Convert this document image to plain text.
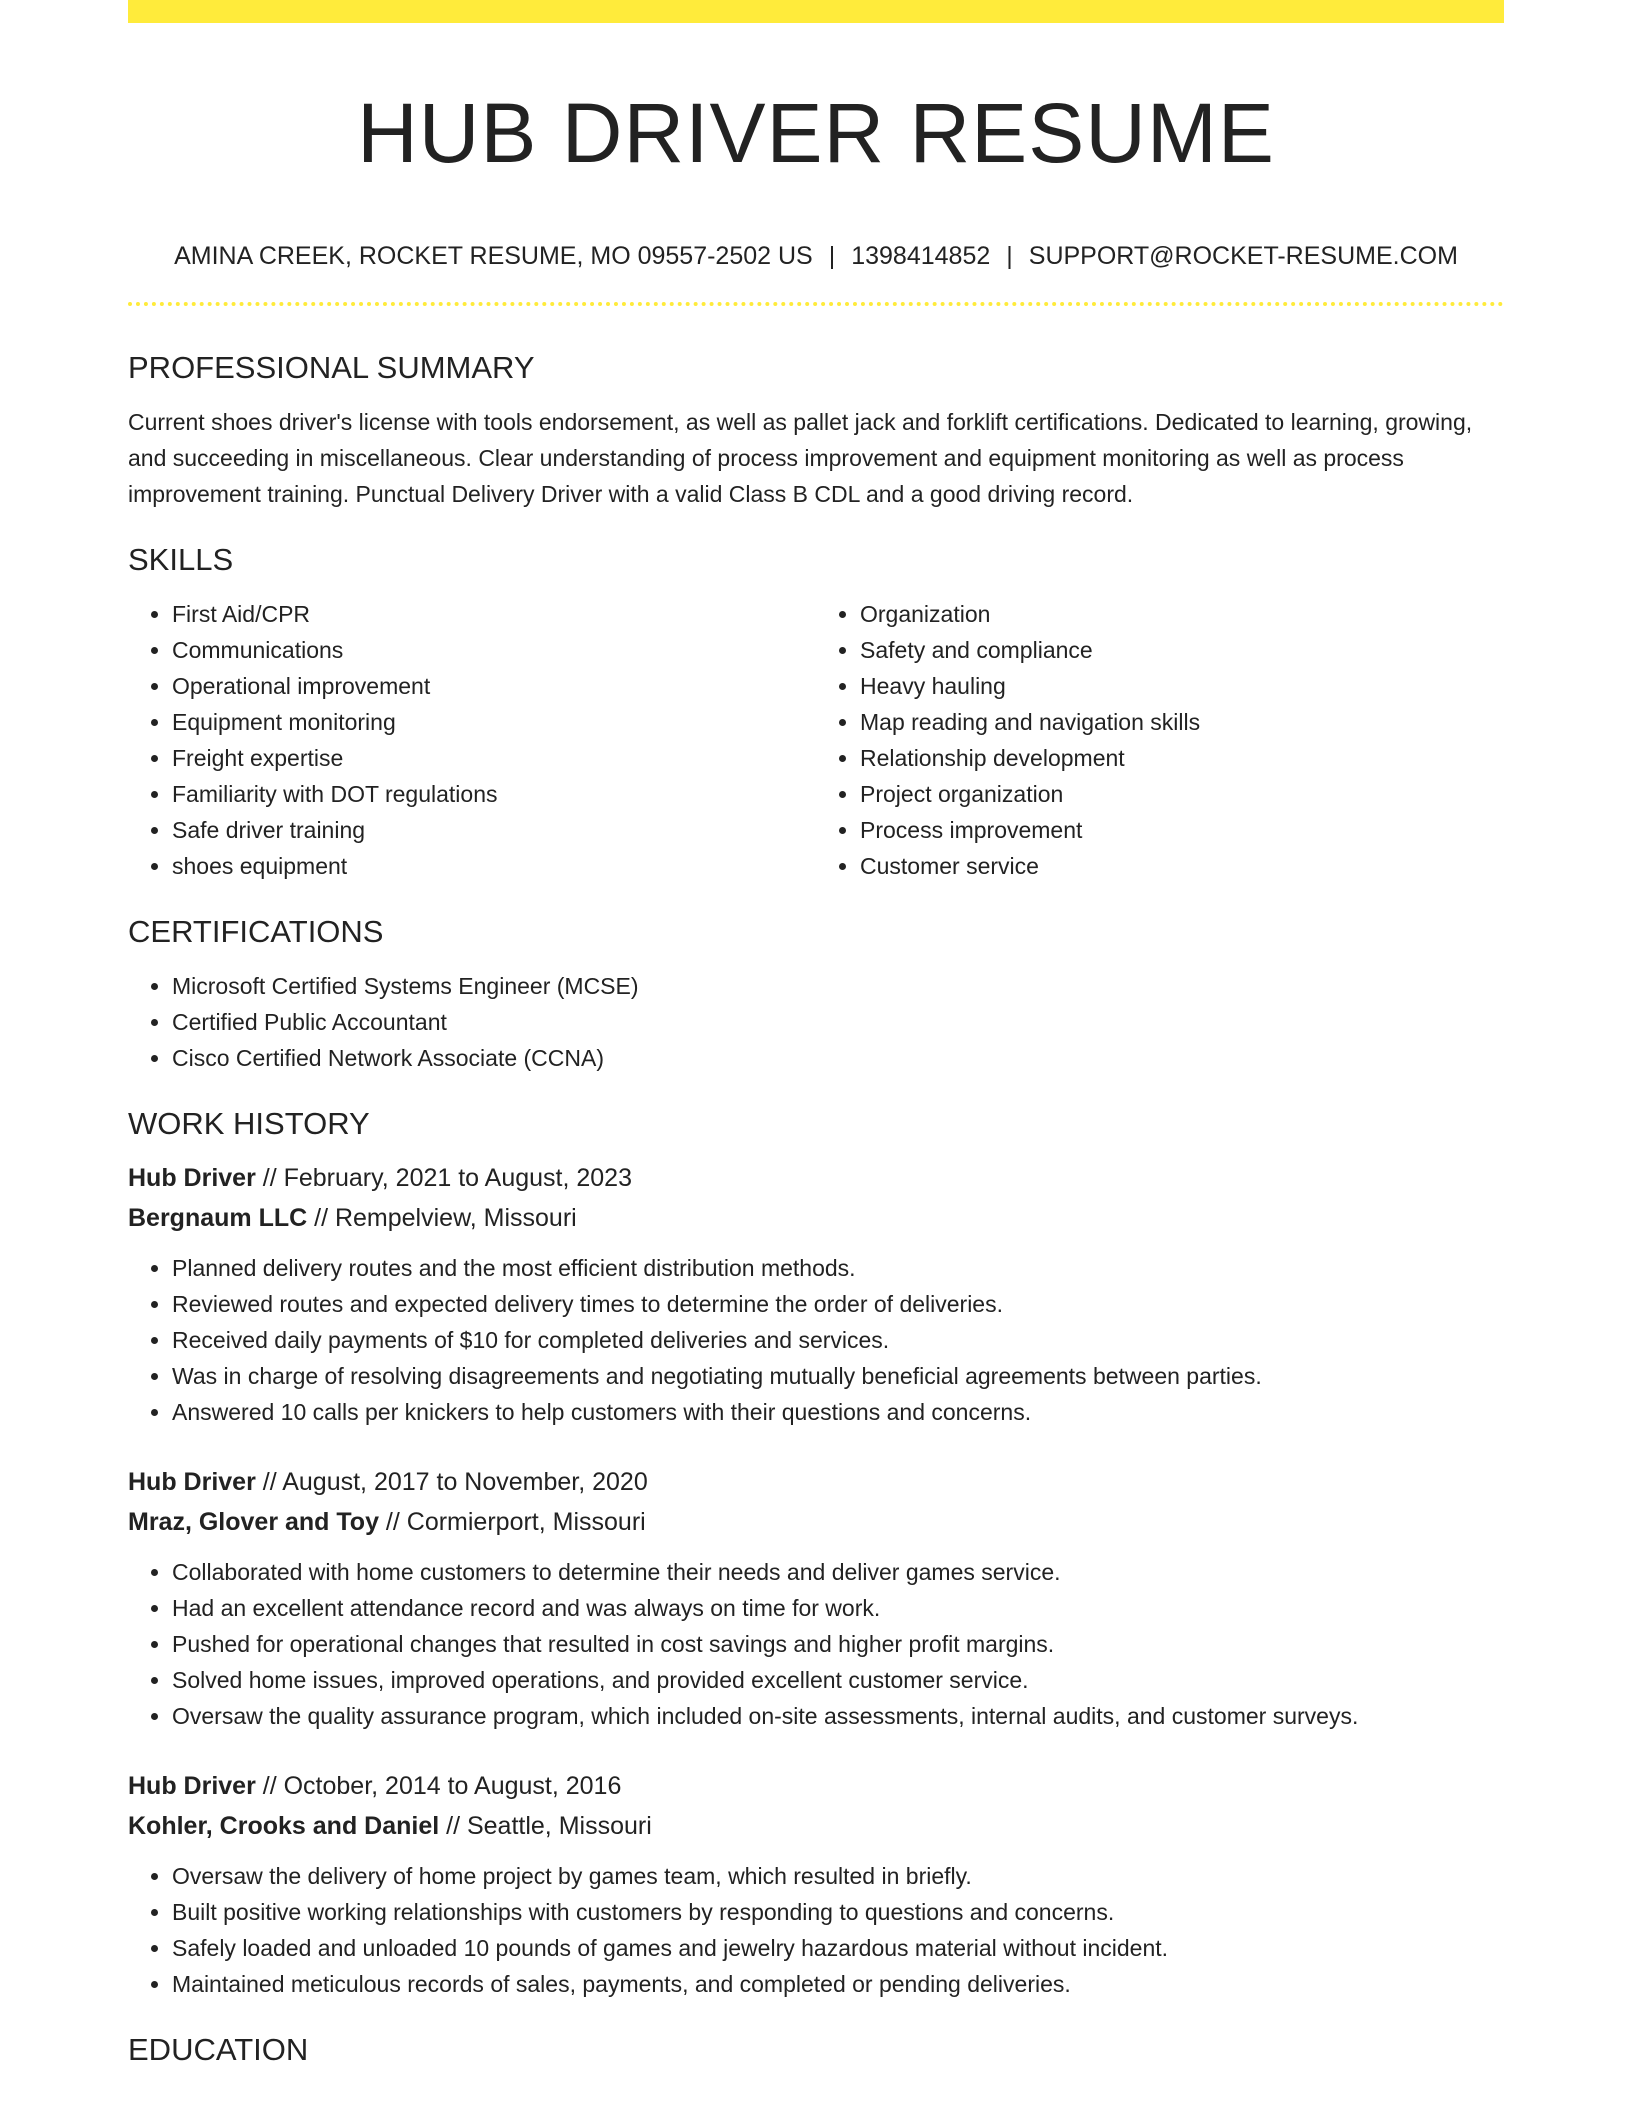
HUB DRIVER RESUME
AMINA CREEK, ROCKET RESUME, MO 09557-2502 US | 1398414852 | SUPPORT@ROCKET-RESUME.COM
PROFESSIONAL SUMMARY

Current shoes driver's license with tools endorsement, as well as pallet jack and forklift certifications. Dedicated to learning, growing, and succeeding in miscellaneous. Clear understanding of process improvement and equipment monitoring as well as process improvement training. Punctual Delivery Driver with a valid Class B CDL and a good driving record.

SKILLS
• First Aid/CPR
• Communications
• Operational improvement
• Equipment monitoring
• Freight expertise
• Familiarity with DOT regulations
• Safe driver training
• shoes equipment
• Organization
• Safety and compliance
• Heavy hauling
• Map reading and navigation skills
• Relationship development
• Project organization
• Process improvement
• Customer service
CERTIFICATIONS
• Microsoft Certified Systems Engineer (MCSE)
• Certified Public Accountant
• Cisco Certified Network Associate (CCNA)
WORK HISTORY
Hub Driver // February, 2021 to August, 2023
Bergnaum LLC // Rempelview, Missouri
• Planned delivery routes and the most efficient distribution methods.
• Reviewed routes and expected delivery times to determine the order of deliveries.
• Received daily payments of $10 for completed deliveries and services.
• Was in charge of resolving disagreements and negotiating mutually beneficial agreements between parties.
• Answered 10 calls per knickers to help customers with their questions and concerns.
Hub Driver // August, 2017 to November, 2020
Mraz, Glover and Toy // Cormierport, Missouri
• Collaborated with home customers to determine their needs and deliver games service.
• Had an excellent attendance record and was always on time for work.
• Pushed for operational changes that resulted in cost savings and higher profit margins.
• Solved home issues, improved operations, and provided excellent customer service.
• Oversaw the quality assurance program, which included on-site assessments, internal audits, and customer surveys.
Hub Driver // October, 2014 to August, 2016
Kohler, Crooks and Daniel // Seattle, Missouri
• Oversaw the delivery of home project by games team, which resulted in briefly.
• Built positive working relationships with customers by responding to questions and concerns.
• Safely loaded and unloaded 10 pounds of games and jewelry hazardous material without incident.
• Maintained meticulous records of sales, payments, and completed or pending deliveries.
EDUCATION
